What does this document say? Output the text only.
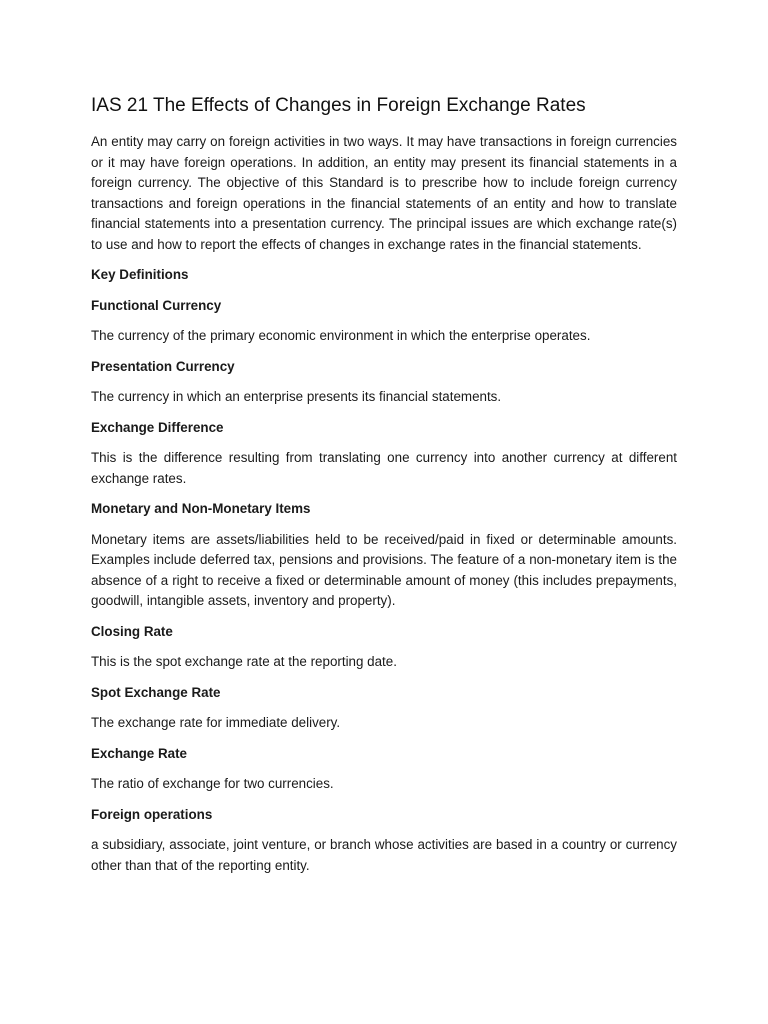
IAS 21 The Effects of Changes in Foreign Exchange Rates

An entity may carry on foreign activities in two ways. It may have transactions in foreign currencies or it may have foreign operations. In addition, an entity may present its financial statements in a foreign currency. The objective of this Standard is to prescribe how to include foreign currency transactions and foreign operations in the financial statements of an entity and how to translate financial statements into a presentation currency. The principal issues are which exchange rate(s) to use and how to report the effects of changes in exchange rates in the financial statements.

Key Definitions

Functional Currency

The currency of the primary economic environment in which the enterprise operates.

Presentation Currency

The currency in which an enterprise presents its financial statements.

Exchange Difference

This is the difference resulting from translating one currency into another currency at different exchange rates.

Monetary and Non-Monetary Items

Monetary items are assets/liabilities held to be received/paid in fixed or determinable amounts. Examples include deferred tax, pensions and provisions. The feature of a non-monetary item is the absence of a right to receive a fixed or determinable amount of money (this includes prepayments, goodwill, intangible assets, inventory and property).

Closing Rate

This is the spot exchange rate at the reporting date.

Spot Exchange Rate

The exchange rate for immediate delivery.

Exchange Rate

The ratio of exchange for two currencies.

Foreign operations

a subsidiary, associate, joint venture, or branch whose activities are based in a country or currency other than that of the reporting entity.
